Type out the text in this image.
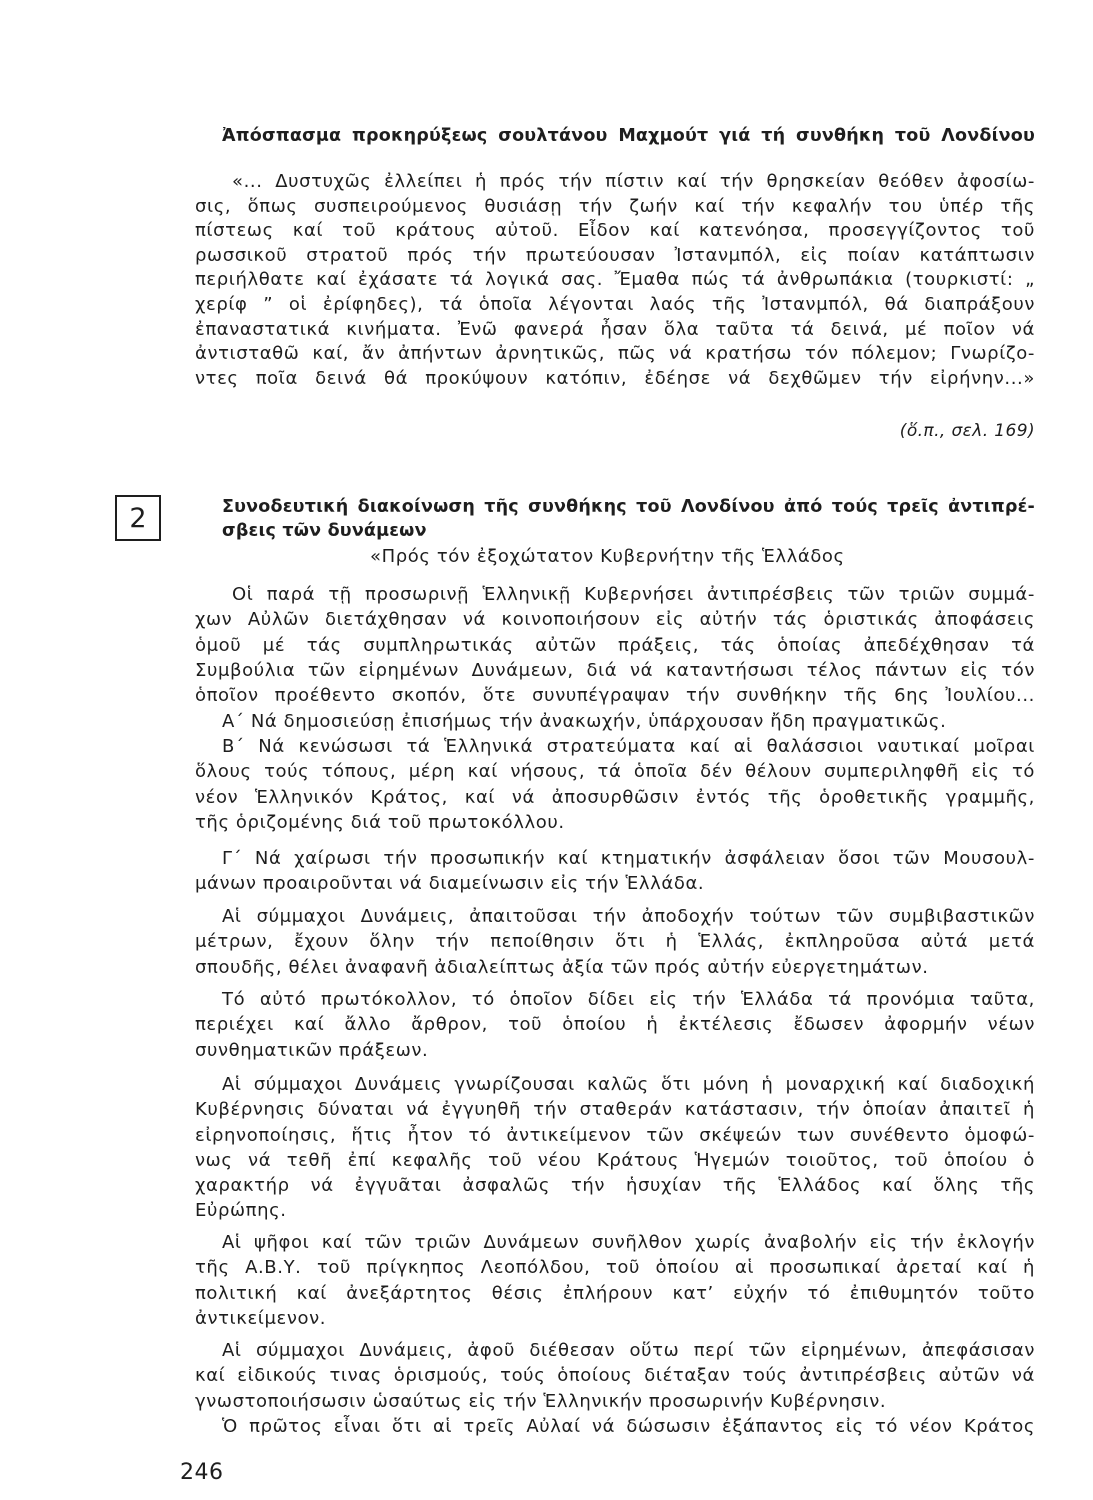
Ἀπόσπασμα προκηρύξεως σουλτάνου Μαχμούτ γιά τή συνθήκη τοῦ Λονδίνου
«... Δυστυχῶς ἐλλείπει ἡ πρός τήν πίστιν καί τήν θρησκείαν θεόθεν ἀφοσίω-
σις, ὅπως συσπειρούμενος θυσιάσῃ τήν ζωήν καί τήν κεφαλήν του ὑπέρ τῆς
πίστεως καί τοῦ κράτους αὐτοῦ. Εἶδον καί κατενόησα, προσεγγίζοντος τοῦ
ρωσσικοῦ στρατοῦ πρός τήν πρωτεύουσαν Ἰστανμπόλ, εἰς ποίαν κατάπτωσιν
περιήλθατε καί ἐχάσατε τά λογικά σας. Ἔμαθα πώς τά ἀνθρωπάκια (τουρκιστί: „
χερίφ ” οἱ ἐρίφηδες), τά ὁποῖα λέγονται λαός τῆς Ἰστανμπόλ, θά διαπράξουν
ἐπαναστατικά κινήματα. Ἐνῶ φανερά ἦσαν ὅλα ταῦτα τά δεινά, μέ ποῖον νά
ἀντισταθῶ καί, ἄν ἀπήντων ἀρνητικῶς, πῶς νά κρατήσω τόν πόλεμον; Γνωρίζο-
ντες ποῖα δεινά θά προκύψουν κατόπιν, ἐδέησε νά δεχθῶμεν τήν εἰρήνην...»
(ὅ.π., σελ. 169)
2	Συνοδευτική διακοίνωση τῆς συνθήκης τοῦ Λονδίνου ἀπό τούς τρεῖς ἀντιπρέ-
σβεις τῶν δυνάμεων
«Πρός τόν ἐξοχώτατον Κυβερνήτην τῆς Ἑλλάδος
Οἱ παρά τῇ προσωρινῇ Ἑλληνικῇ Κυβερνήσει ἀντιπρέσβεις τῶν τριῶν συμμά-
χων Αὐλῶν διετάχθησαν νά κοινοποιήσουν εἰς αὐτήν τάς ὁριστικάς ἀποφάσεις
ὁμοῦ μέ τάς συμπληρωτικάς αὐτῶν πράξεις, τάς ὁποίας ἀπεδέχθησαν τά
Συμβούλια τῶν εἰρημένων Δυνάμεων, διά νά καταντήσωσι τέλος πάντων εἰς τόν
ὁποῖον προέθεντο σκοπόν, ὅτε συνυπέγραψαν τήν συνθήκην τῆς 6ης Ἰουλίου...
Α΄ Νά δημοσιεύσῃ ἐπισήμως τήν ἀνακωχήν, ὑπάρχουσαν ἤδη πραγματικῶς.
Β΄ Νά κενώσωσι τά Ἑλληνικά στρατεύματα καί αἱ θαλάσσιοι ναυτικαί μοῖραι
ὅλους τούς τόπους, μέρη καί νήσους, τά ὁποῖα δέν θέλουν συμπεριληφθῆ εἰς τό
νέον Ἑλληνικόν Κράτος, καί νά ἀποσυρθῶσιν ἐντός τῆς ὁροθετικῆς γραμμῆς,
τῆς ὁριζομένης διά τοῦ πρωτοκόλλου.
Γ΄ Νά χαίρωσι τήν προσωπικήν καί κτηματικήν ἀσφάλειαν ὅσοι τῶν Μουσουλ-
μάνων προαιροῦνται νά διαμείνωσιν εἰς τήν Ἑλλάδα.
Αἱ σύμμαχοι Δυνάμεις, ἀπαιτοῦσαι τήν ἀποδοχήν τούτων τῶν συμβιβαστικῶν
μέτρων, ἔχουν ὅλην τήν πεποίθησιν ὅτι ἡ Ἑλλάς, ἐκπληροῦσα αὐτά μετά
σπουδῆς, θέλει ἀναφανῆ ἀδιαλείπτως ἀξία τῶν πρός αὐτήν εὐεργετημάτων.
Τό αὐτό πρωτόκολλον, τό ὁποῖον δίδει εἰς τήν Ἑλλάδα τά προνόμια ταῦτα,
περιέχει καί ἄλλο ἄρθρον, τοῦ ὁποίου ἡ ἐκτέλεσις ἔδωσεν ἀφορμήν νέων
συνθηματικῶν πράξεων.
Αἱ σύμμαχοι Δυνάμεις γνωρίζουσαι καλῶς ὅτι μόνη ἡ μοναρχική καί διαδοχική
Κυβέρνησις δύναται νά ἐγγυηθῆ τήν σταθεράν κατάστασιν, τήν ὁποίαν ἀπαιτεῖ ἡ
εἰρηνοποίησις, ἥτις ἦτον τό ἀντικείμενον τῶν σκέψεών των συνέθεντο ὁμοφώ-
νως νά τεθῆ ἐπί κεφαλῆς τοῦ νέου Κράτους Ἡγεμών τοιοῦτος, τοῦ ὁποίου ὁ
χαρακτήρ νά ἐγγυᾶται ἀσφαλῶς τήν ἡσυχίαν τῆς Ἑλλάδος καί ὅλης τῆς
Εὐρώπης.
Αἱ ψῆφοι καί τῶν τριῶν Δυνάμεων συνῆλθον χωρίς ἀναβολήν εἰς τήν ἐκλογήν
τῆς Α.Β.Υ. τοῦ πρίγκηπος Λεοπόλδου, τοῦ ὁποίου αἱ προσωπικαί ἀρεταί καί ἡ
πολιτική καί ἀνεξάρτητος θέσις ἐπλήρουν κατ’ εὐχήν τό ἐπιθυμητόν τοῦτο
ἀντικείμενον.
Αἱ σύμμαχοι Δυνάμεις, ἀφοῦ διέθεσαν οὕτω περί τῶν εἰρημένων, ἀπεφάσισαν
καί εἰδικούς τινας ὁρισμούς, τούς ὁποίους διέταξαν τούς ἀντιπρέσβεις αὐτῶν νά
γνωστοποιήσωσιν ὡσαύτως εἰς τήν Ἑλληνικήν προσωρινήν Κυβέρνησιν.
Ὁ πρῶτος εἶναι ὅτι αἱ τρεῖς Αὐλαί νά δώσωσιν ἐξάπαντος εἰς τό νέον Κράτος
246
